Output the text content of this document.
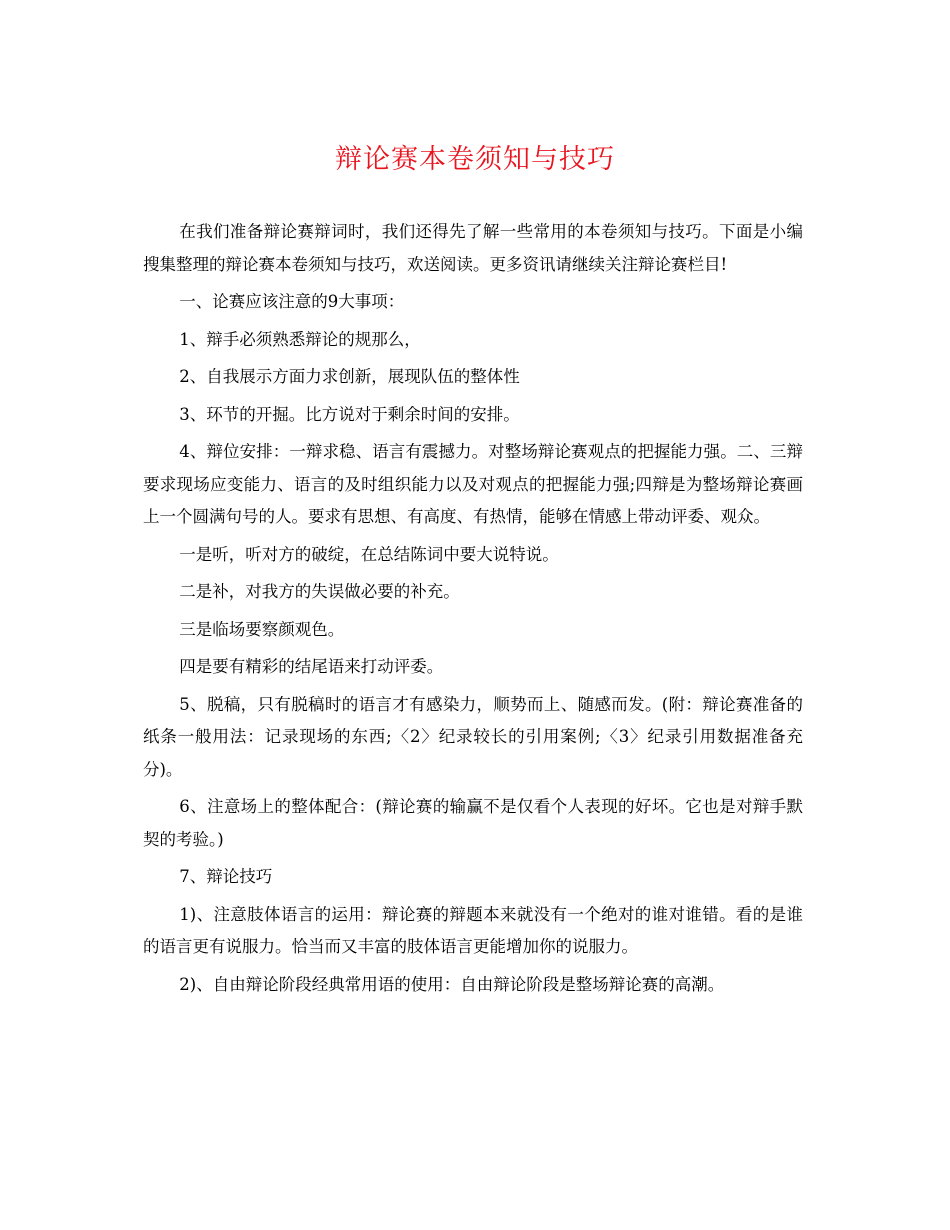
辩论赛本卷须知与技巧

在我们准备辩论赛辩词时，我们还得先了解一些常用的本卷须知与技巧。下面是小编搜集整理的辩论赛本卷须知与技巧，欢送阅读。更多资讯请继续关注辩论赛栏目!

一、论赛应该注意的9大事项：

1、辩手必须熟悉辩论的规那么，

2、自我展示方面力求创新，展现队伍的整体性

3、环节的开掘。比方说对于剩余时间的安排。

4、辩位安排：一辩求稳、语言有震撼力。对整场辩论赛观点的把握能力强。二、三辩要求现场应变能力、语言的及时组织能力以及对观点的把握能力强;四辩是为整场辩论赛画上一个圆满句号的人。要求有思想、有高度、有热情，能够在情感上带动评委、观众。

一是听，听对方的破绽，在总结陈词中要大说特说。

二是补，对我方的失误做必要的补充。

三是临场要察颜观色。

四是要有精彩的结尾语来打动评委。

5、脱稿，只有脱稿时的语言才有感染力，顺势而上、随感而发。(附：辩论赛准备的纸条一般用法：记录现场的东西;〈2〉纪录较长的引用案例;〈3〉纪录引用数据准备充分)。

6、注意场上的整体配合：(辩论赛的输赢不是仅看个人表现的好坏。它也是对辩手默契的考验。)

7、辩论技巧

1)、注意肢体语言的运用：辩论赛的辩题本来就没有一个绝对的谁对谁错。看的是谁的语言更有说服力。恰当而又丰富的肢体语言更能增加你的说服力。

2)、自由辩论阶段经典常用语的使用：自由辩论阶段是整场辩论赛的高潮。
